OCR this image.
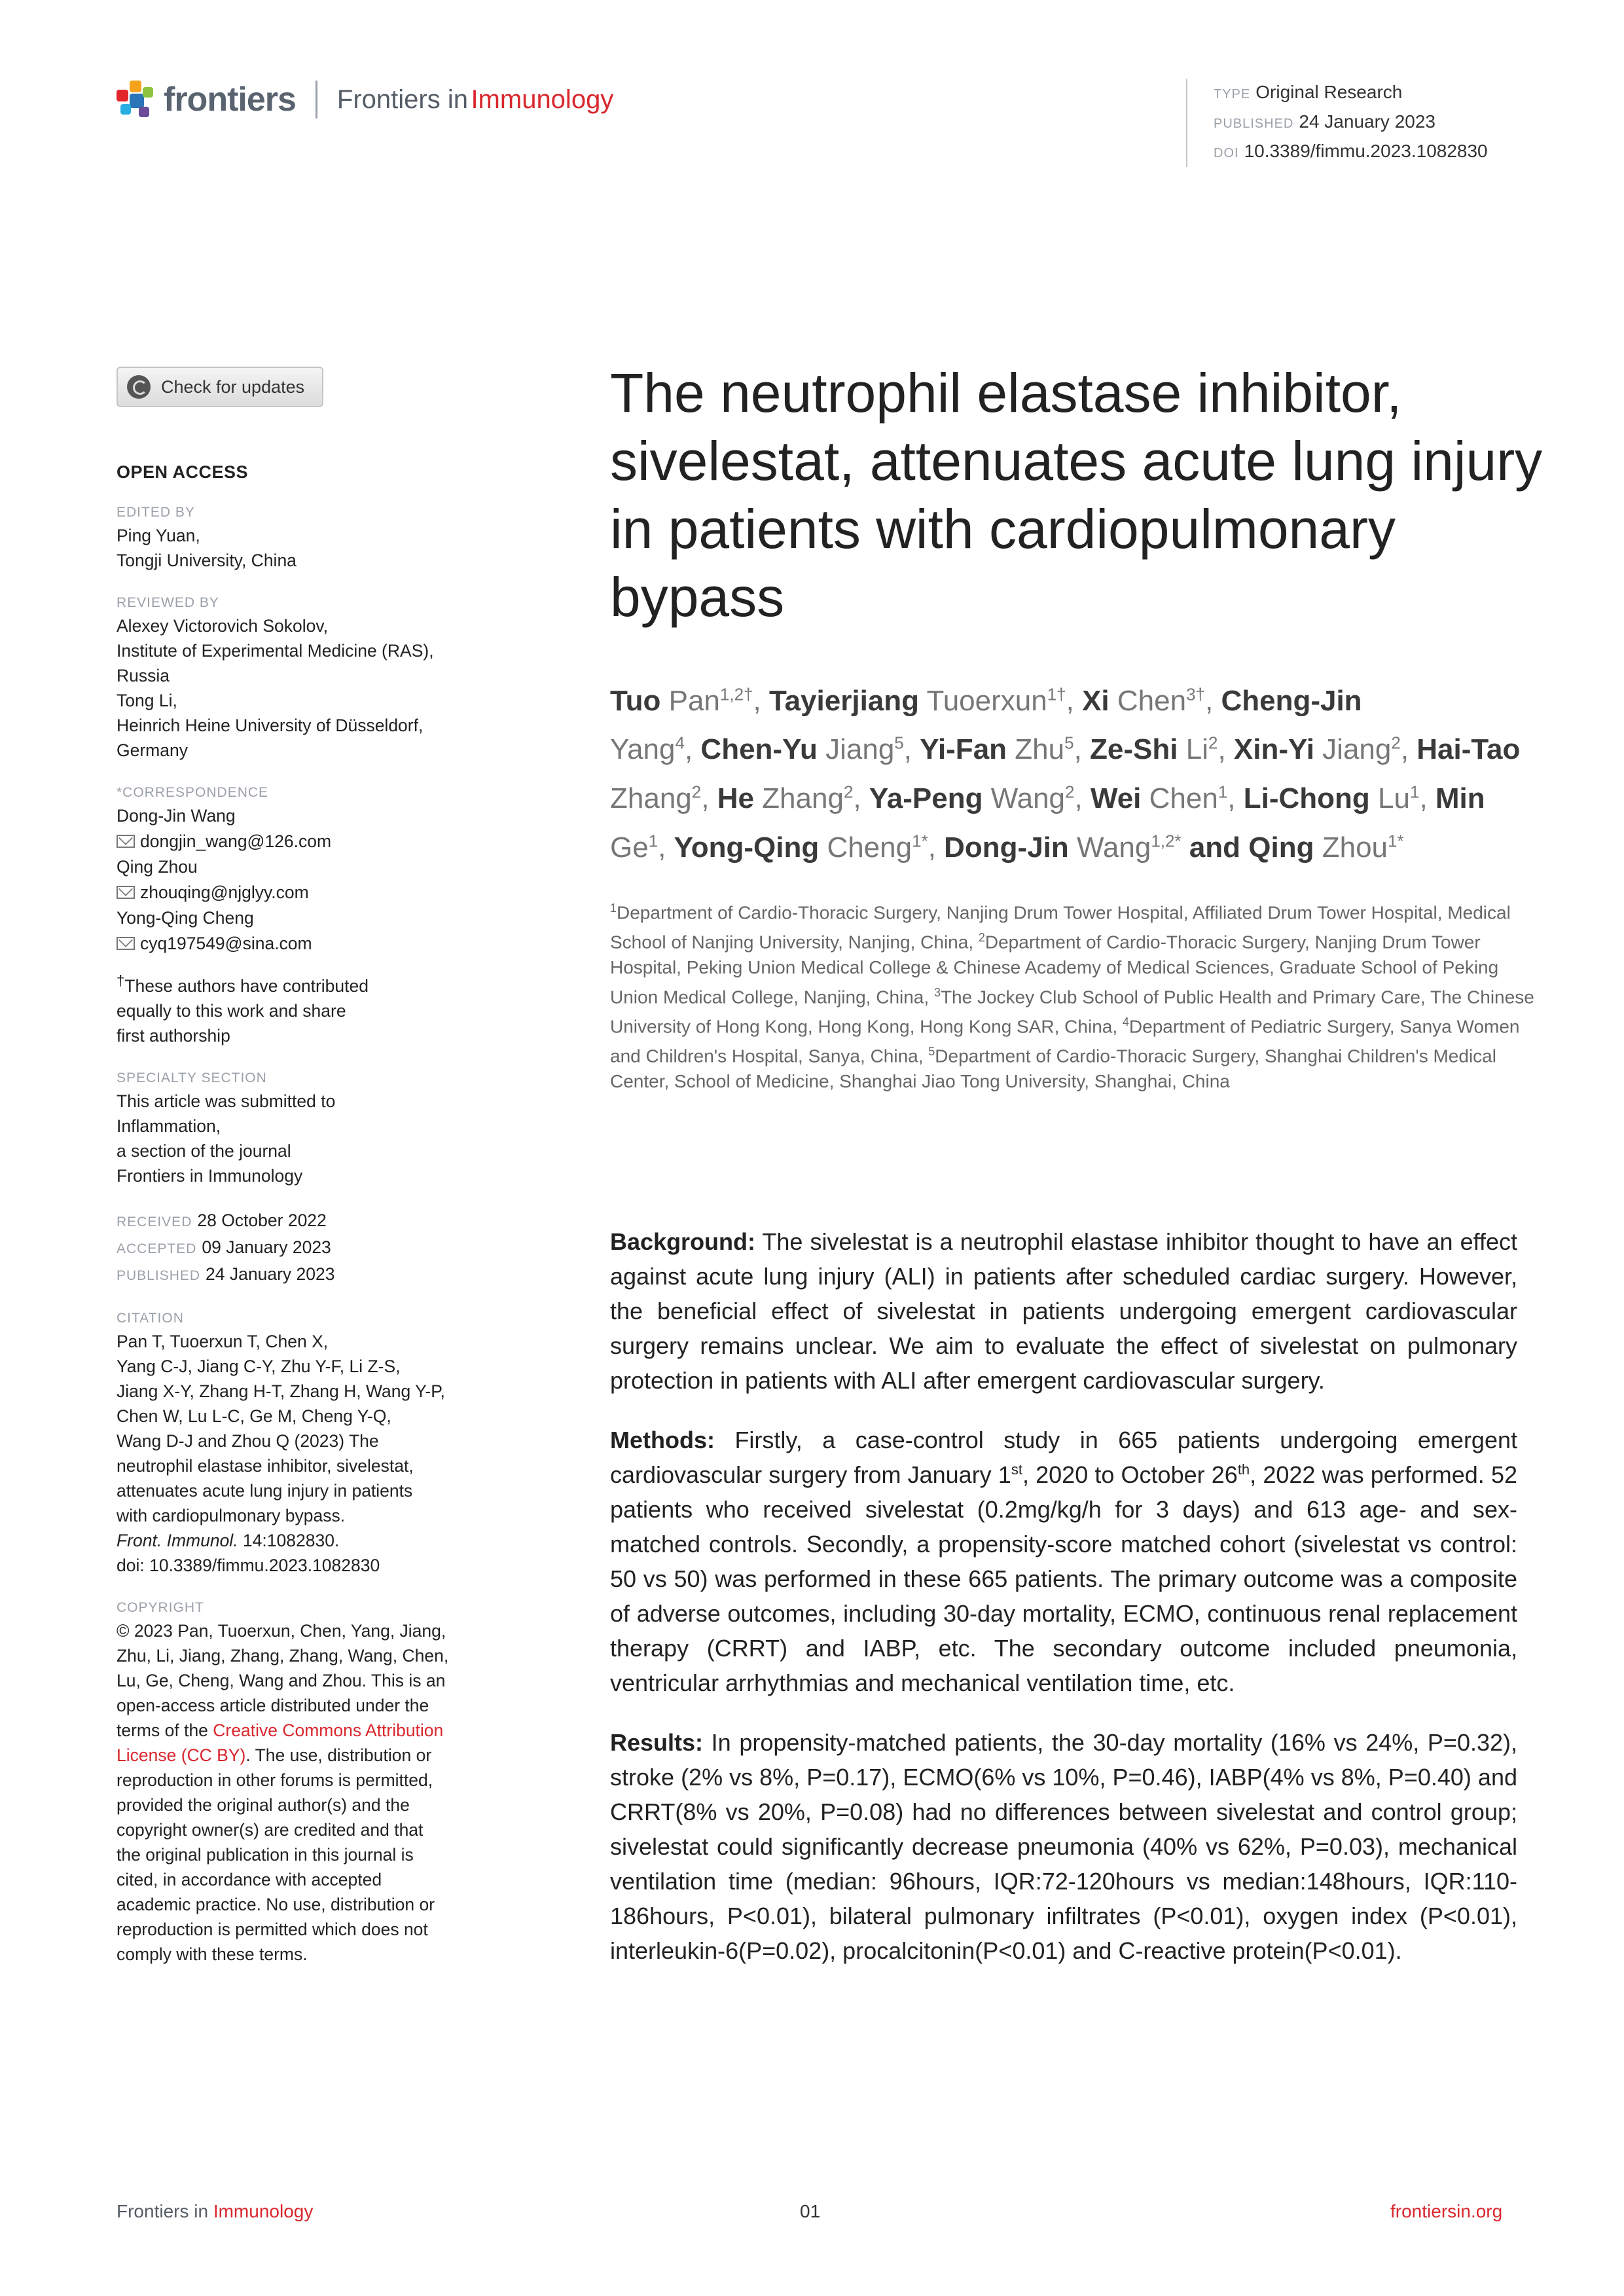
frontiers Frontiers in
Immunology	TYPE Original Research
PUBLISHED 24 January 2023
DOI 10.3389/fimmu.2023.1082830
Check for updates
OPEN ACCESS
EDITED BY
Ping Yuan,
Tongji University, China
REVIEWED BY
Alexey Victorovich Sokolov,
Institute of Experimental Medicine (RAS),
Russia
Tong Li,
Heinrich Heine University of Düsseldorf,
Germany
*CORRESPONDENCE
Dong-Jin Wang
dongjin_wang@126.com
Qing Zhou
zhouqing@njglyy.com
Yong-Qing Cheng
cyq197549@sina.com
†These authors have contributed
equally to this work and share
first authorship
SPECIALTY SECTION
This article was submitted to
Inflammation,
a section of the journal
Frontiers in Immunology
RECEIVED 28 October 2022
ACCEPTED 09 January 2023
PUBLISHED 24 January 2023
CITATION
Pan T, Tuoerxun T, Chen X,
Yang C-J, Jiang C-Y, Zhu Y-F, Li Z-S,
Jiang X-Y, Zhang H-T, Zhang H, Wang Y-P,
Chen W, Lu L-C, Ge M, Cheng Y-Q,
Wang D-J and Zhou Q (2023) The
neutrophil elastase inhibitor, sivelestat,
attenuates acute lung injury in patients
with cardiopulmonary bypass.
Front. Immunol. 14:1082830.
doi: 10.3389/fimmu.2023.1082830
COPYRIGHT
© 2023 Pan, Tuoerxun, Chen, Yang, Jiang,
Zhu, Li, Jiang, Zhang, Zhang, Wang, Chen,
Lu, Ge, Cheng, Wang and Zhou. This is an
open-access article distributed under the
terms of the Creative Commons Attribution
License (CC BY). The use, distribution or
reproduction in other forums is permitted,
provided the original author(s) and the
copyright owner(s) are credited and that
the original publication in this journal is
cited, in accordance with accepted
academic practice. No use, distribution or
reproduction is permitted which does not
comply with these terms.
The neutrophil elastase inhibitor, sivelestat, attenuates acute lung injury in patients with cardiopulmonary bypass
Tuo Pan$^{1,2\dagger}$, Tayierjiang Tuoerxun$^{1\dagger}$, Xi Chen$^{3\dagger}$, Cheng-Jin Yang$^4$, Chen-Yu Jiang$^5$, Yi-Fan Zhu$^5$, Ze-Shi Li$^2$, Xin-Yi Jiang$^2$, Hai-Tao Zhang$^2$, He Zhang$^2$, Ya-Peng Wang$^2$, Wei Chen$^1$, Li-Chong Lu$^1$, Min Ge$^1$, Yong-Qing Cheng$^{1*}$, Dong-Jin Wang$^{1,2*}$ and Qing Zhou$^{1*}$
$^1$Department of Cardio-Thoracic Surgery, Nanjing Drum Tower Hospital, Affiliated Drum Tower Hospital, Medical School of Nanjing University, Nanjing, China, $^2$Department of Cardio-Thoracic Surgery, Nanjing Drum Tower Hospital, Peking Union Medical College & Chinese Academy of Medical Sciences, Graduate School of Peking Union Medical College, Nanjing, China, $^3$The Jockey Club School of Public Health and Primary Care, The Chinese University of Hong Kong, Hong Kong, Hong Kong SAR, China, $^4$Department of Pediatric Surgery, Sanya Women and Children's Hospital, Sanya, China, $^5$Department of Cardio-Thoracic Surgery, Shanghai Children's Medical Center, School of Medicine, Shanghai Jiao Tong University, Shanghai, China

Background: The sivelestat is a neutrophil elastase inhibitor thought to have an effect against acute lung injury (ALI) in patients after scheduled cardiac surgery. However, the beneficial effect of sivelestat in patients undergoing emergent cardiovascular surgery remains unclear. We aim to evaluate the effect of sivelestat on pulmonary protection in patients with ALI after emergent cardiovascular surgery.

Methods: Firstly, a case-control study in 665 patients undergoing emergent cardiovascular surgery from January 1st, 2020 to October 26th, 2022 was performed. 52 patients who received sivelestat (0.2mg/kg/h for 3 days) and 613 age- and sex-matched controls. Secondly, a propensity-score matched cohort (sivelestat vs control: 50 vs 50) was performed in these 665 patients. The primary outcome was a composite of adverse outcomes, including 30-day mortality, ECMO, continuous renal replacement therapy (CRRT) and IABP, etc. The secondary outcome included pneumonia, ventricular arrhythmias and mechanical ventilation time, etc.

Results: In propensity-matched patients, the 30-day mortality (16% vs 24%, P=0.32), stroke (2% vs 8%, P=0.17), ECMO(6% vs 10%, P=0.46), IABP(4% vs 8%, P=0.40) and CRRT(8% vs 20%, P=0.08) had no differences between sivelestat and control group; sivelestat could significantly decrease pneumonia (40% vs 62%, P=0.03), mechanical ventilation time (median: 96hours, IQR:72-120hours vs median:148hours, IQR:110-186hours, P<0.01), bilateral pulmonary infiltrates (P<0.01), oxygen index (P<0.01), interleukin-6(P=0.02), procalcitonin(P<0.01) and C-reactive protein(P<0.01).

Frontiers in Immunology	01	frontiersin.org
